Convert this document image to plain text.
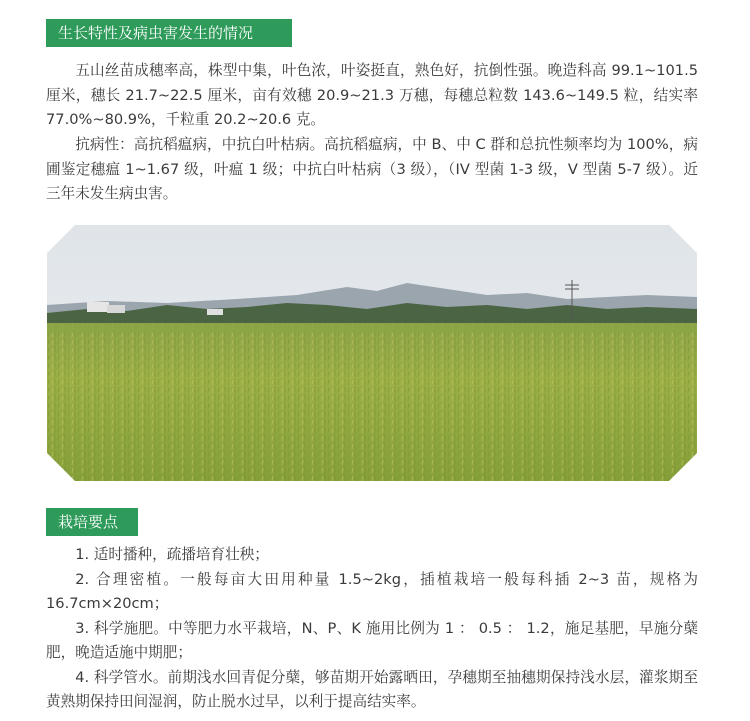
生长特性及病虫害发生的情况

五山丝苗成穗率高，株型中集，叶色浓，叶姿挺直，熟色好，抗倒性强。晚造科高 99.1~101.5 厘米，穗长 21.7~22.5 厘米，亩有效穗 20.9~21.3 万穗，每穗总粒数 143.6~149.5 粒，结实率 77.0%~80.9%，千粒重 20.2~20.6 克。

抗病性：高抗稻瘟病，中抗白叶枯病。高抗稻瘟病，中 B、中 C 群和总抗性频率均为 100%，病圃鉴定穗瘟 1~1.67 级，叶瘟 1 级；中抗白叶枯病（3 级），（IV 型菌 1-3 级，V 型菌 5-7 级）。近三年未发生病虫害。

栽培要点
1. 适时播种，疏播培育壮秧；
2. 合理密植。一般每亩大田用种量 1.5~2kg，插植栽培一般每科插 2~3 苗，规格为 16.7cm×20cm；
3. 科学施肥。中等肥力水平栽培，N、P、K 施用比例为 1 ： 0.5 ： 1.2，施足基肥，早施分蘖肥，晚造适施中期肥；
4. 科学管水。前期浅水回青促分蘖，够苗期开始露晒田，孕穗期至抽穗期保持浅水层，灌浆期至黄熟期保持田间湿润，防止脱水过早，以利于提高结实率。
